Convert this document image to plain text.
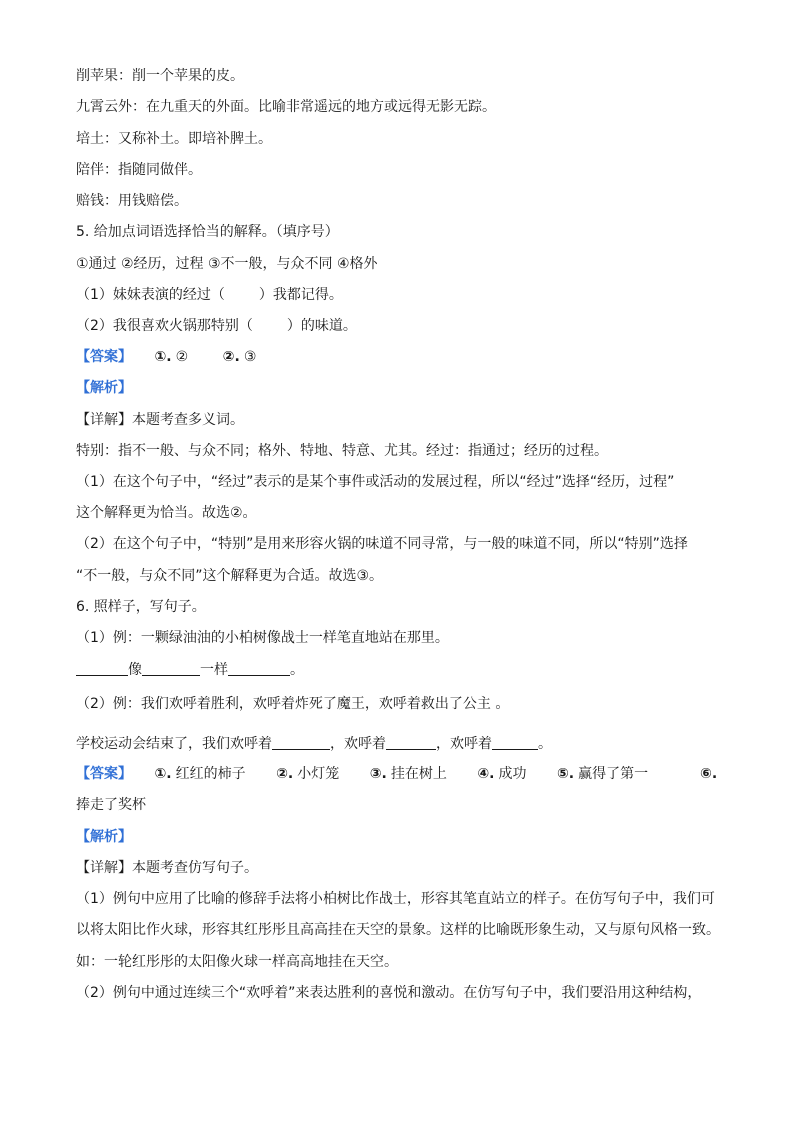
削苹果：削一个苹果的皮。
九霄云外：在九重天的外面。比喻非常遥远的地方或远得无影无踪。
培土：又称补土。即培补脾土。
陪伴：指随同做伴。
赔钱：用钱赔偿。
5. 给加点词语选择恰当的解释。（填序号）
①通过 ②经历，过程 ③不一般，与众不同 ④格外
（1）妹妹表演的经过（ ）我都记得。
（2）我很喜欢火锅那特别（ ）的味道。
【答案】 ①. ② ②. ③
【解析】
【详解】本题考查多义词。
特别：指不一般、与众不同；格外、特地、特意、尤其。经过：指通过；经历的过程。
（1）在这个句子中，“经过”表示的是某个事件或活动的发展过程，所以“经过”选择“经历，过程”
这个解释更为恰当。故选②。
（2）在这个句子中，“特别”是用来形容火锅的味道不同寻常，与一般的味道不同，所以“特别”选择
“不一般，与众不同”这个解释更为合适。故选③。
6. 照样子，写句子。
（1）例：一颗绿油油的小柏树像战士一样笔直地站在那里。
像	一样	。
（2）例：我们欢呼着胜利，欢呼着炸死了魔王，欢呼着救出了公主 。
学校运动会结束了，我们欢呼着	，欢呼着	，欢呼着	。
【答案】 ①. 红红的柿子 ②. 小灯笼 ③. 挂在树上 ④. 成功 ⑤. 赢得了第一	⑥.
捧走了奖杯
【解析】
【详解】本题考查仿写句子。
（1）例句中应用了比喻的修辞手法将小柏树比作战士，形容其笔直站立的样子。在仿写句子中，我们可
以将太阳比作火球，形容其红彤彤且高高挂在天空的景象。这样的比喻既形象生动，又与原句风格一致。
如：一轮红彤彤的太阳像火球一样高高地挂在天空。
（2）例句中通过连续三个“欢呼着”来表达胜利的喜悦和激动。在仿写句子中，我们要沿用这种结构，
